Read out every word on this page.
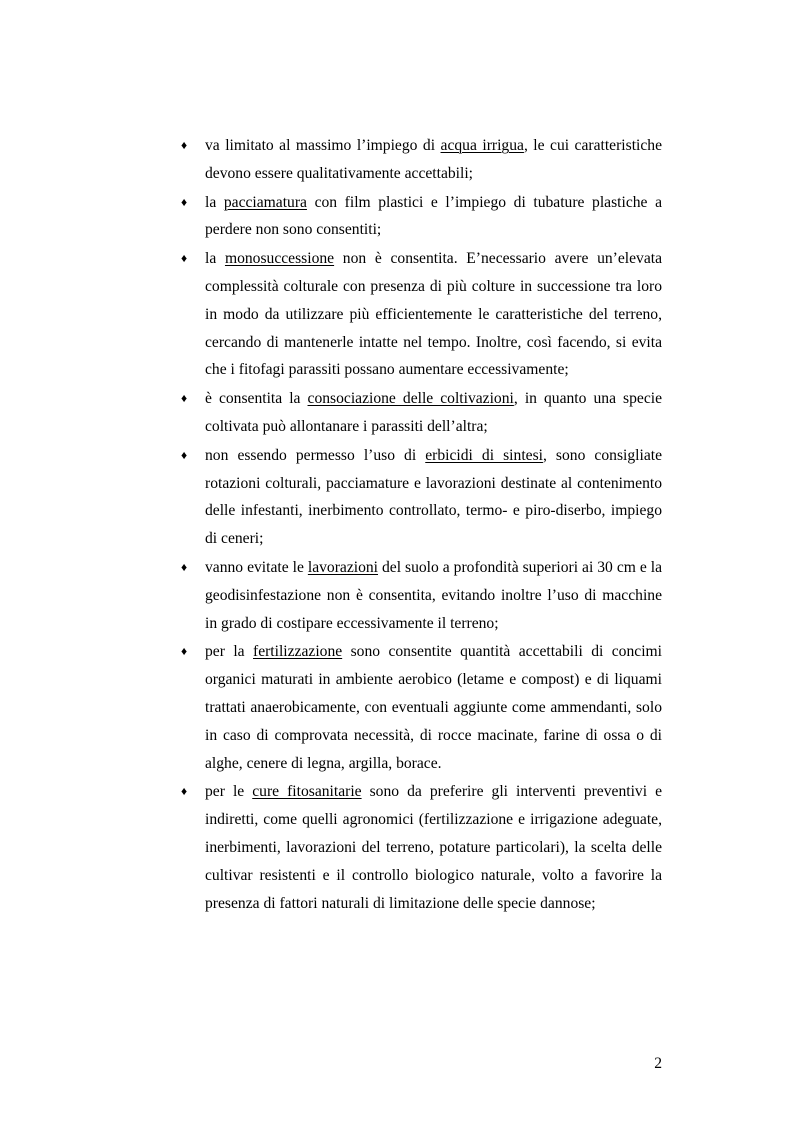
♦	va limitato al massimo l’impiego di acqua irrigua, le cui caratteristiche devono essere qualitativamente accettabili;
♦	la pacciamatura con film plastici e l’impiego di tubature plastiche a perdere non sono consentiti;
♦	la monosuccessione non è consentita. E’necessario avere un’elevata complessità colturale con presenza di più colture in successione tra loro in modo da utilizzare più efficientemente le caratteristiche del terreno, cercando di mantenerle intatte nel tempo. Inoltre, così facendo, si evita che i fitofagi parassiti possano aumentare eccessivamente;
♦	è consentita la consociazione delle coltivazioni, in quanto una specie coltivata può allontanare i parassiti dell’altra;
♦	non essendo permesso l’uso di erbicidi di sintesi, sono consigliate rotazioni colturali, pacciamature e lavorazioni destinate al contenimento delle infestanti, inerbimento controllato, termo- e piro-diserbo, impiego di ceneri;
♦	vanno evitate le lavorazioni del suolo a profondità superiori ai 30 cm e la geodisinfestazione non è consentita, evitando inoltre l’uso di macchine in grado di costipare eccessivamente il terreno;
♦	per la fertilizzazione sono consentite quantità accettabili di concimi organici maturati in ambiente aerobico (letame e compost) e di liquami trattati anaerobicamente, con eventuali aggiunte come ammendanti, solo in caso di comprovata necessità, di rocce macinate, farine di ossa o di alghe, cenere di legna, argilla, borace.
♦	per le cure fitosanitarie sono da preferire gli interventi preventivi e indiretti, come quelli agronomici (fertilizzazione e irrigazione adeguate, inerbimenti, lavorazioni del terreno, potature particolari), la scelta delle cultivar resistenti e il controllo biologico naturale, volto a favorire la presenza di fattori naturali di limitazione delle specie dannose;
2
